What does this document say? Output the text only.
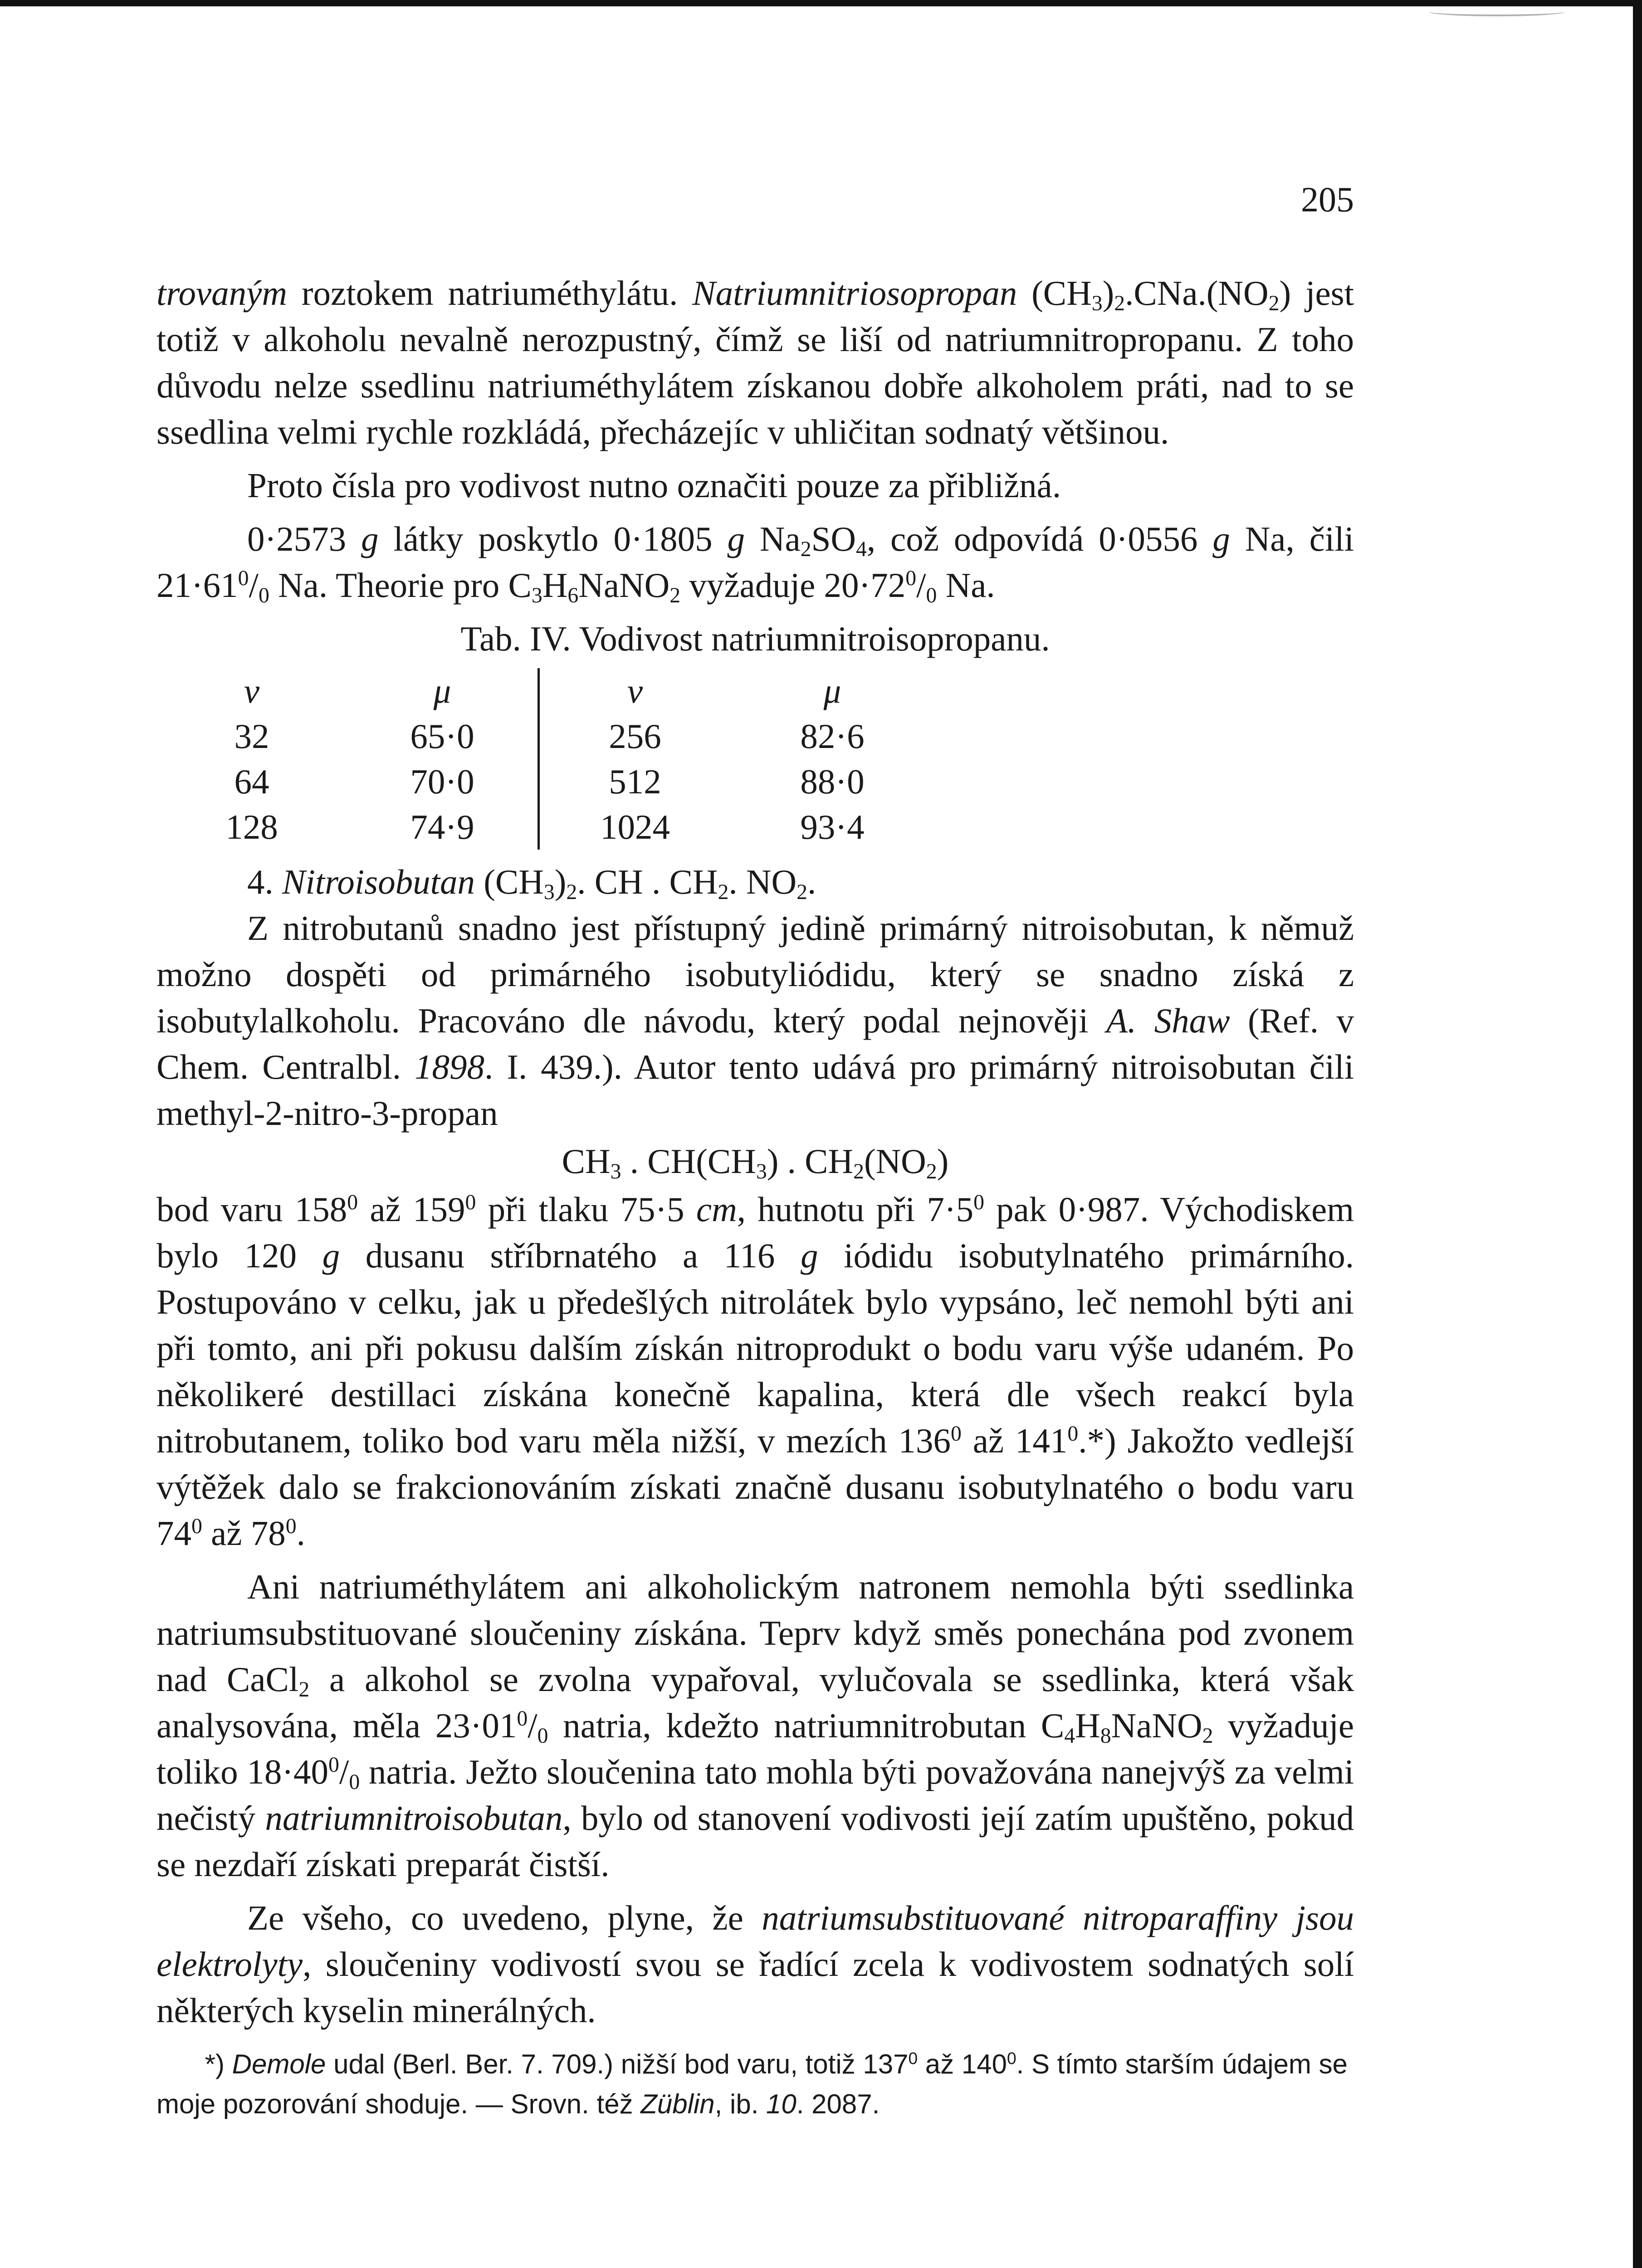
205

trovaným roztokem natriuméthylátu. Natriumnitriosopropan $(CH_3)_2.CNa.(NO_2)$ jest totiž v alkoholu nevalně nerozpustný, čímž se liší od natriumnitropropanu. Z toho důvodu nelze ssedlinu natriuméthylátem získanou dobře alkoholem práti, nad to se ssedlina velmi rychle rozkládá, přecházejíc v uhličitan sodnatý většinou.

Proto čísla pro vodivost nutno označiti pouze za přibližná.

0·2573 g látky poskytlo 0·1805 g $Na_2SO_4$, což odpovídá 0·0556 g Na, čili $21\cdot 61^0/_0$ Na. Theorie pro $C_3H_6NaNO_2$ vyžaduje $20\cdot 72^0/_0$ Na.

Tab. IV. Vodivost natriumnitroisopropanu.

v	μ	v	μ
32	65·0	256	82·6
64	70·0	512	88·0
128	74·9	1024	93·4

4. Nitroisobutan $(CH_3)_2$. CH . $CH_2$. $NO_2$.

Z nitrobutanů snadno jest přístupný jedině primárný nitroisobutan, k němuž možno dospěti od primárného isobutyliódidu, který se snadno získá z isobutylalkoholu. Pracováno dle návodu, který podal nejnověji A. Shaw (Ref. v Chem. Centralbl. 1898. I. 439.). Autor tento udává pro primárný nitroisobutan čili methyl-2-nitro-3-propan

$CH_3$ . $CH(CH_3)$ . $CH_2(NO_2)$

bod varu $158^0$ až $159^0$ při tlaku 75·5 cm, hutnotu při $7\cdot 5^0$ pak 0·987. Východiskem bylo 120 g dusanu stříbrnatého a 116 g iódidu isobutylnatého primárního. Postupováno v celku, jak u předešlých nitrolátek bylo vypsáno, leč nemohl býti ani při tomto, ani při pokusu dalším získán nitroprodukt o bodu varu výše udaném. Po několikeré destillaci získána konečně kapalina, která dle všech reakcí byla nitrobutanem, toliko bod varu měla nižší, v mezích $136^0$ až $141^0.*$) Jakožto vedlejší výtěžek dalo se frakcionováním získati značně dusanu isobutylnatého o bodu varu $74^0$ až $78^0$.

Ani natriuméthylátem ani alkoholickým natronem nemohla býti ssedlinka natriumsubstituované sloučeniny získána. Teprv když směs ponechána pod zvonem nad CaCl$_2$ a alkohol se zvolna vypařoval, vylučovala se ssedlinka, která však analysována, měla $23\cdot 01^0/_0$ natria, kdežto natriumnitrobutan $C_4H_8NaNO_2$ vyžaduje toliko $18\cdot 40^0/_0$ natria. Ježto sloučenina tato mohla býti považována nanejvýš za velmi nečistý natriumnitroisobutan, bylo od stanovení vodivosti její zatím upuštěno, pokud se nezdaří získati preparát čistší.

Ze všeho, co uvedeno, plyne, že natriumsubstituované nitroparaffiny jsou elektrolyty, sloučeniny vodivostí svou se řadící zcela k vodivostem sodnatých solí některých kyselin minerálných.

*) Demole udal (Berl. Ber. 7. 709.) nižší bod varu, totiž $137^0$ až $140^0$. S tímto starším údajem se moje pozorování shoduje. — Srovn. též Züblin, ib. 10. 2087.
